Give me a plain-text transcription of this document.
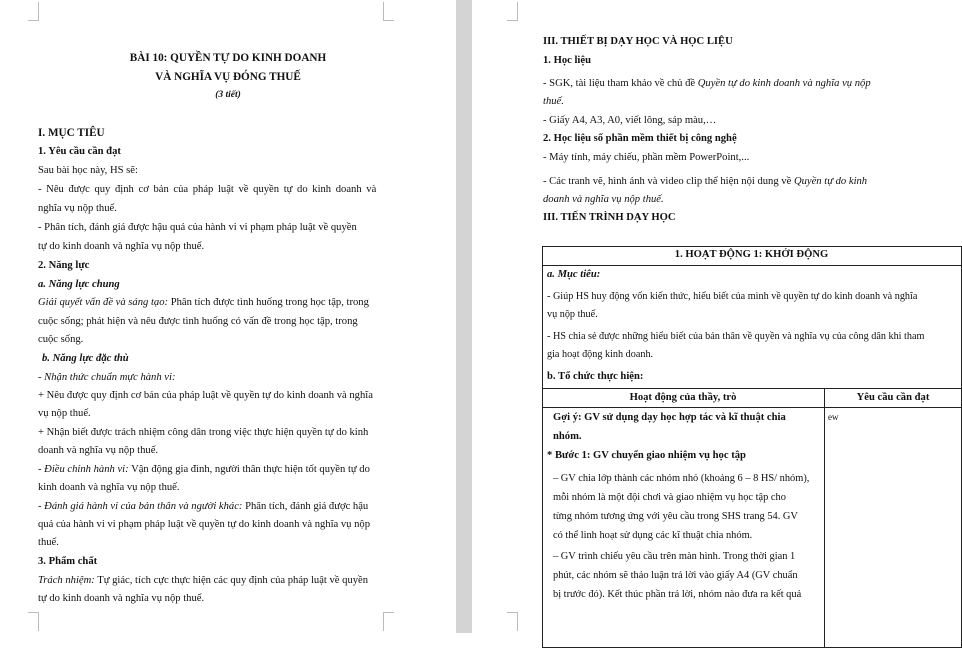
BÀI 10: QUYỀN TỰ DO KINH DOANH
VÀ NGHĨA VỤ ĐÓNG THUẾ
(3 tiết)
I. MỤC TIÊU
1. Yêu cầu cần đạt
Sau bài học này, HS sẽ:
- Nêu được quy định cơ bản của pháp luật về quyền tự do kinh doanh và
nghĩa vụ nộp thuế.
- Phân tích, đánh giá được hậu quả của hành vi vi phạm pháp luật về quyền
tự do kinh doanh và nghĩa vụ nộp thuế.
2. Năng lực
a. Năng lực chung
Giải quyết vấn đề và sáng tạo: Phân tích được tình huống trong học tập, trong
cuộc sống; phát hiện và nêu được tình huống có vấn đề trong học tập, trong
cuộc sống.
b. Năng lực đặc thù
- Nhận thức chuẩn mực hành vi:
+ Nêu được quy định cơ bản của pháp luật về quyền tự do kinh doanh và nghĩa
vụ nộp thuế.
+ Nhận biết được trách nhiệm công dân trong việc thực hiện quyền tự do kinh
doanh và nghĩa vụ nộp thuế.
- Điều chỉnh hành vi: Vận động gia đình, người thân thực hiện tốt quyền tự do
kinh doanh và nghĩa vụ nộp thuế.
- Đánh giá hành vi của bản thân và người khác: Phân tích, đánh giá được hậu
quả của hành vi vi phạm pháp luật về quyền tự do kinh doanh và nghĩa vụ nộp
thuế.
3. Phẩm chất
Trách nhiệm: Tự giác, tích cực thực hiện các quy định của pháp luật về quyền
tự do kinh doanh và nghĩa vụ nộp thuế.
III. THIẾT BỊ DẠY HỌC VÀ HỌC LIỆU
1. Học liệu
- SGK, tài liệu tham khảo về chủ đề Quyền tự do kinh doanh và nghĩa vụ nộp
thuế.
- Giấy A4, A3, A0, viết lông, sáp màu,…
2. Học liệu số phần mềm thiết bị công nghệ
- Máy tính, máy chiếu, phần mềm PowerPoint,...
- Các tranh vẽ, hình ảnh và video clip thể hiện nội dung về Quyền tự do kinh
doanh và nghĩa vụ nộp thuế.
III. TIẾN TRÌNH DẠY HỌC
1. HOẠT ĐỘNG 1: KHỞI ĐỘNG
a. Mục tiêu:
- Giúp HS huy động vốn kiến thức, hiểu biết của mình về quyền tự do kinh doanh và nghĩa
vụ nộp thuế.
- HS chia sẻ được những hiểu biết của bản thân về quyền và nghĩa vụ của công dân khi tham
gia hoạt động kinh doanh.
b. Tổ chức thực hiện:
Hoạt động của thầy, trò	Yêu cầu cần đạt
ew
Gợi ý: GV sử dụng dạy học hợp tác và kĩ thuật chia
nhóm.
* Bước 1: GV chuyển giao nhiệm vụ học tập
– GV chia lớp thành các nhóm nhỏ (khoảng 6 – 8 HS/ nhóm),
mỗi nhóm là một đội chơi và giao nhiệm vụ học tập cho
từng nhóm tương ứng với yêu cầu trong SHS trang 54. GV
có thể linh hoạt sử dụng các kĩ thuật chia nhóm.
– GV trình chiếu yêu cầu trên màn hình. Trong thời gian 1
phút, các nhóm sẽ thảo luận trả lời vào giấy A4 (GV chuẩn
bị trước đó). Kết thúc phần trả lời, nhóm nào đưa ra kết quả
